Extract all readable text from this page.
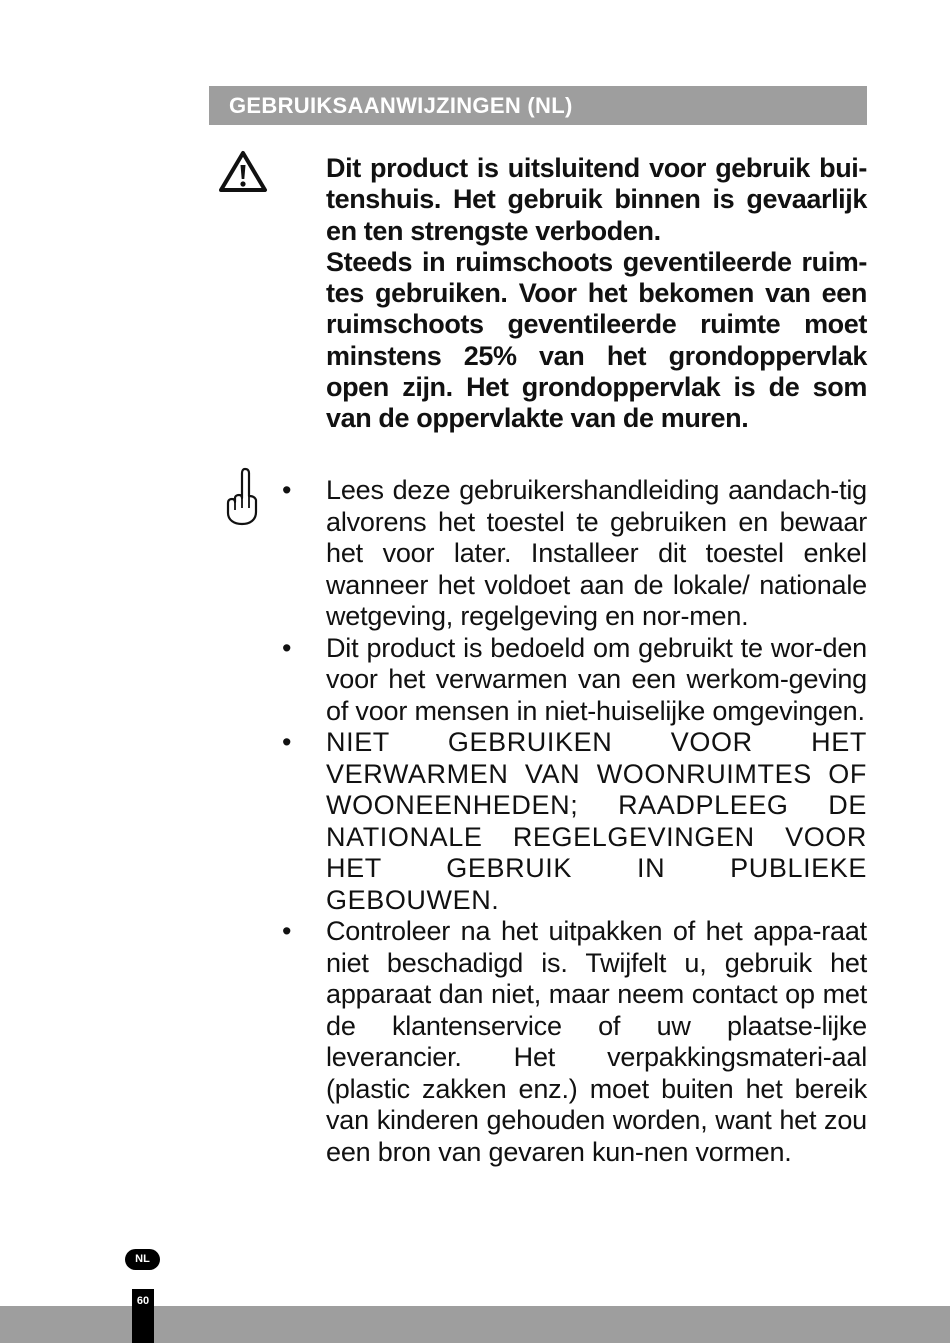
GEBRUIKSAANWIJZINGEN (NL)

Dit product is uitsluitend voor gebruik bui-tenshuis. Het gebruik binnen is gevaarlijk en ten strengste verboden.

Steeds in ruimschoots geventileerde ruim-tes gebruiken. Voor het bekomen van een ruimschoots geventileerde ruimte moet minstens 25% van het grondoppervlak open zijn. Het grondoppervlak is de som van de oppervlakte van de muren.

• Lees deze gebruikershandleiding aandach-tig alvorens het toestel te gebruiken en bewaar het voor later. Installeer dit toestel enkel wanneer het voldoet aan de lokale/ nationale wetgeving, regelgeving en nor-men.
• Dit product is bedoeld om gebruikt te wor-den voor het verwarmen van een werkom-geving of voor mensen in niet-huiselijke omgevingen.
• NIET GEBRUIKEN VOOR HET VERWARMEN VAN WOONRUIMTES OF WOONEENHEDEN; RAADPLEEG DE NATIONALE REGELGEVINGEN VOOR HET GEBRUIK IN PUBLIEKE GEBOUWEN.
• Controleer na het uitpakken of het appa-raat niet beschadigd is. Twijfelt u, gebruik het apparaat dan niet, maar neem contact op met de klantenservice of uw plaatse-lijke leverancier. Het verpakkingsmateri-aal (plastic zakken enz.) moet buiten het bereik van kinderen gehouden worden, want het zou een bron van gevaren kun-nen vormen.
NL
60
